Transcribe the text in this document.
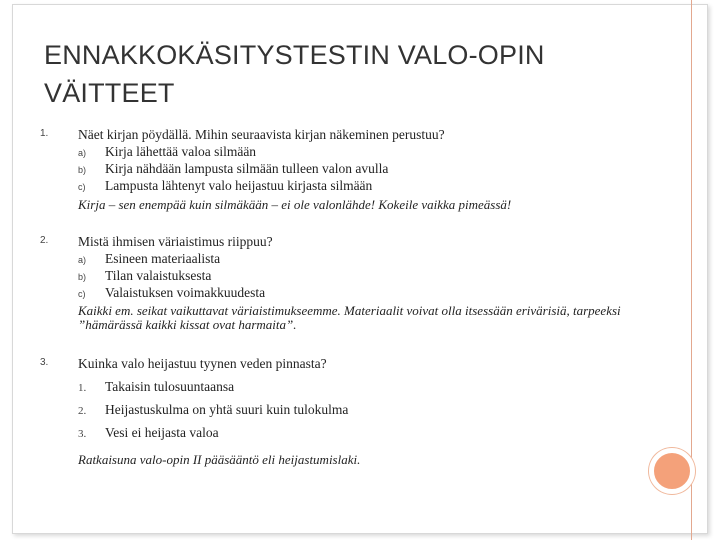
ENNAKKOKÄSITYSTESTIN VALO-OPIN VÄITTEET
1. Näet kirjan pöydällä. Mihin seuraavista kirjan näkeminen perustuu?
a) Kirja lähettää valoa silmään
b) Kirja nähdään lampusta silmään tulleen valon avulla
c) Lampusta lähtenyt valo heijastuu kirjasta silmään
Kirja – sen enempää kuin silmäkään – ei ole valonlähde! Kokeile vaikka pimeässä!
2. Mistä ihmisen väriaistimus riippuu?
a) Esineen materiaalista
b) Tilan valaistuksesta
c) Valaistuksen voimakkuudesta
Kaikki em. seikat vaikuttavat väriaistimukseemme. Materiaalit voivat olla itsessään erivärisiä, tarpeeksi ”hämärässä kaikki kissat ovat harmaita”.
3. Kuinka valo heijastuu tyynen veden pinnasta?
1. Takaisin tulosuuntaansa
2. Heijastuskulma on yhtä suuri kuin tulokulma
3. Vesi ei heijasta valoa
Ratkaisuna valo-opin II pääsääntö eli heijastumislaki.
